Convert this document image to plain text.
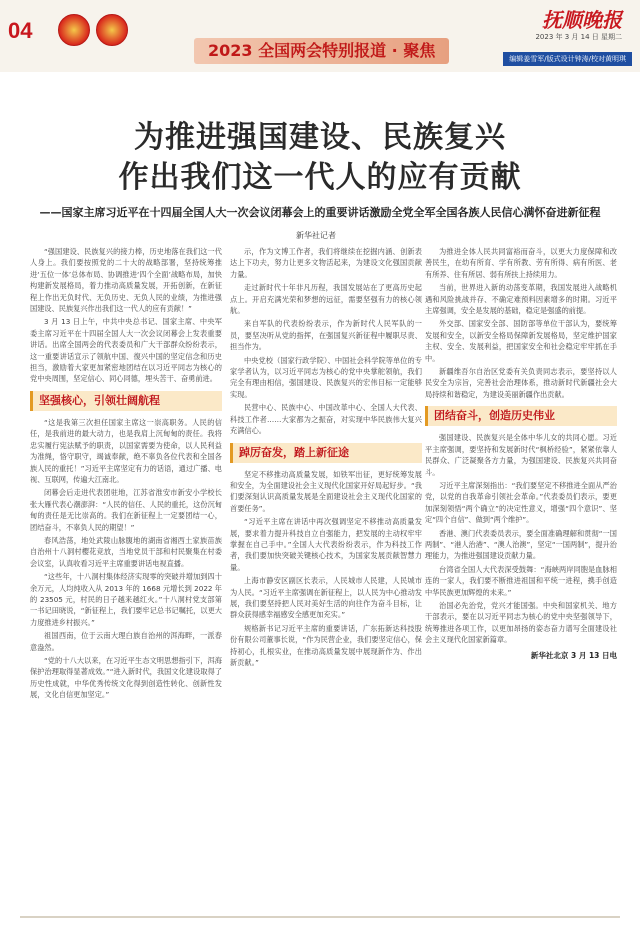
04
2023 全国两会特别报道 · 聚焦
抚顺晚报
2023 年 3 月 14 日 星期二
编辑姜雪军/版式设计钟涛/校对黄明琪
为推进强国建设、民族复兴
作出我们这一代人的应有贡献
——国家主席习近平在十四届全国人大一次会议闭幕会上的重要讲话激励全党全军全国各族人民信心满怀奋进新征程
新华社记者

“强国建设、民族复兴的接力棒，历史地落在我们这一代人身上。我们要按照党的二十大的战略部署，坚持统筹推进‘五位一体’总体布局、协调推进‘四个全面’战略布局，加快构建新发展格局，着力推动高质量发展，开拓创新，在新征程上作出无负时代、无负历史、无负人民的业绩，为推进强国建设、民族复兴作出我们这一代人的应有贡献！”

3 月 13 日上午，中共中央总书记、国家主席、中央军委主席习近平在十四届全国人大一次会议闭幕会上发表重要讲话。出席全国两会的代表委员和广大干部群众纷纷表示，这一重要讲话宣示了领航中国、復兴中国的坚定信念和历史担当，激励着大家更加紧密地团结在以习近平同志为核心的党中央周围，坚定信心、同心同德，埋头苦干、奋勇前进。

坚强核心，引领壮阔航程

“这是我第三次担任国家主席这一崇高职务。人民的信任，是我前进的最大动力，也是我肩上沉甸甸的责任。我将忠实履行宪法赋予的职责，以国家需要为使命，以人民利益为准绳，恪守职守，竭诚奉献，绝不辜负各位代表和全国各族人民的重托！”习近平主席坚定有力的话语，通过广播、电视、互联网，传遍大江南北。

闭幕会后走进代表团驻地，江苏省淮安市新安小学校长张大雁代表心潮澎湃：“人民的信任、人民的重托，这份沉甸甸的责任是无比崇高的。我们在新征程上一定要团结一心，团结奋斗，不辜负人民的期望！”

春风浩荡，地处武陵山脉腹地的湖南省湘西土家族苗族自治州十八洞村樱花竞放，当地党员干部和村民聚集在村委会议室，认真收看习近平主席重要讲话电视直播。

“这些年，十八洞村集体经济实现零的突破并增加到四十余万元，人均纯收入从 2013 年的 1668 元增长到 2022 年的 23505 元，村民的日子越来越红火。”十八洞村党支部第一书记田晓说，“新征程上，我们要牢记总书记嘱托，以更大力度推进乡村振兴。”

祖国西南，位于云南大理白族自治州的洱海畔，一派春意盎然。

“党的十八大以来，在习近平生态文明思想指引下，洱海保护治理取得显著成效。”“进入新时代，我国文化建设取得了历史性成就，中华优秀传统文化得到创造性转化、创新性发展，文化自信更加坚定。”

示，作为文博工作者，我们将继续在挖掘内涵、创新表达上下功夫，努力让更多文物活起来，为建设文化强国贡献力量。

走过新时代十年非凡历程，我国发展站在了更高历史起点上。开启充满光荣和梦想的远征，需要坚强有力的核心领航。

来自军队的代表纷纷表示，作为新时代人民军队的一员，要坚决听从党的指挥，在强国复兴新征程中履职尽责、担当作为。

中央党校（国家行政学院）、中国社会科学院等单位的专家学者认为，以习近平同志为核心的党中央掌舵领航，我们完全有理由相信，强国建设、民族复兴的宏伟目标一定能够实现。

民营中心、民族中心、中国改革中心、全国人大代表、科技工作者……大家都为之振奋，对实现中华民族伟大复兴充满信心。

踔厉奋发，踏上新征途

坚定不移推动高质量发展，如铁军出征，更好统筹发展和安全，为全面建设社会主义现代化国家开好局起好步。“我们要深刻认识高质量发展是全面建设社会主义现代化国家的首要任务”。

“习近平主席在讲话中再次强调坚定不移推动高质量发展，要求着力提升科技自立自强能力，把发展的主动权牢牢掌握在自己手中。”全国人大代表纷纷表示，作为科技工作者，我们要加快突破关键核心技术，为国家发展贡献智慧力量。

上海市静安区副区长表示，人民城市人民建，人民城市为人民。“习近平主席强调在新征程上，以人民为中心推动发展，我们要坚持把人民对美好生活的向往作为奋斗目标，让群众获得感幸福感安全感更加充实。”

规格新书记习近平主席的重要讲话，广东拓新达科技股份有限公司董事长说，“作为民营企业，我们要坚定信心，保持初心，扎根实业，在推动高质量发展中展现新作为、作出新贡献。”

为推进全体人民共同富裕而奋斗，以更大力度保障和改善民生，在幼有所育、学有所教、劳有所得、病有所医、老有所养、住有所居、弱有所扶上持续用力。

当前，世界进入新的动荡变革期，我国发展进入战略机遇和风险挑战并存、不确定难预料因素增多的时期。习近平主席强调，安全是发展的基础，稳定是强盛的前提。

外交部、国家安全部、国防部等单位干部认为，要统筹发展和安全，以新安全格局保障新发展格局，坚定维护国家主权、安全、发展利益，把国家安全和社会稳定牢牢抓在手中。

新疆维吾尔自治区党委有关负责同志表示，要坚持以人民安全为宗旨，完善社会治理体系，推动新时代新疆社会大局持续和谐稳定，为建设美丽新疆作出贡献。

团结奋斗，创造历史伟业

强国建设、民族复兴是全体中华儿女的共同心愿。习近平主席强调，要坚持和发展新时代“枫桥经验”，紧紧依靠人民群众、广泛凝聚各方力量，为强国建设、民族复兴共同奋斗。

习近平主席深刻指出：“我们要坚定不移推进全面从严治党，以党的自我革命引领社会革命。”代表委员们表示，要更加深刻领悟“两个确立”的决定性意义，增强“四个意识”、坚定“四个自信”、做到“两个维护”。

香港、澳门代表委员表示，要全面准确理解和贯彻“一国两制”、“港人治港”、“澳人治澳”，坚定“一国两制”，提升治理能力，为推进强国建设贡献力量。

台湾省全国人大代表深受鼓舞：“海峡两岸同胞是血脉相连的一家人，我们要不断推进祖国和平统一进程，携手创造中华民族更加辉煌的未来。”

治国必先治党，党兴才能国强。中央和国家机关、地方干部表示，要在以习近平同志为核心的党中央坚强领导下，统筹推进各项工作，以更加昂扬的姿态奋力谱写全面建设社会主义现代化国家新篇章。

新华社北京 3 月 13 日电
